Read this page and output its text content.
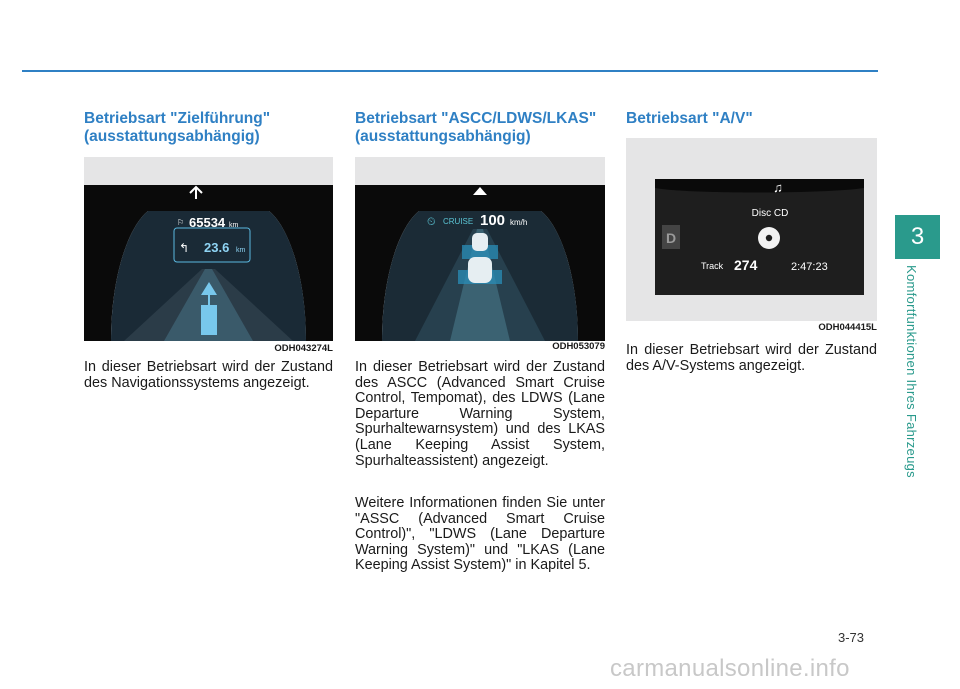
Betriebsart "Zielführung" (ausstattungsabhängig)
⚐ 65534 km
↰ 23.6 km
ODH043274L

In dieser Betriebsart wird der Zustand des Navigationssystems angezeigt.

Betriebsart "ASCC/LDWS/LKAS" (ausstattungsabhängig)
⏲ CRUISE 100 km/h
ODH053079

In dieser Betriebsart wird der Zustand des ASCC (Advanced Smart Cruise Control, Tempomat), des LDWS (Lane Departure Warning System, Spurhaltewarnsystem) und des LKAS (Lane Keeping Assist System, Spurhalteassistent) angezeigt.

Weitere Informationen finden Sie unter "ASSC (Advanced Smart Cruise Control)", "LDWS (Lane Departure Warning System)" und "LKAS (Lane Keeping Assist System)" in Kapitel 5.

Betriebsart "A/V"
D
♫
Disc CD
Track 274	2:47:23
ODH044415L

In dieser Betriebsart wird der Zustand des A/V-Systems angezeigt.

3
Komfortfunktionen Ihres Fahrzeugs
3-73
carmanualsonline.info
